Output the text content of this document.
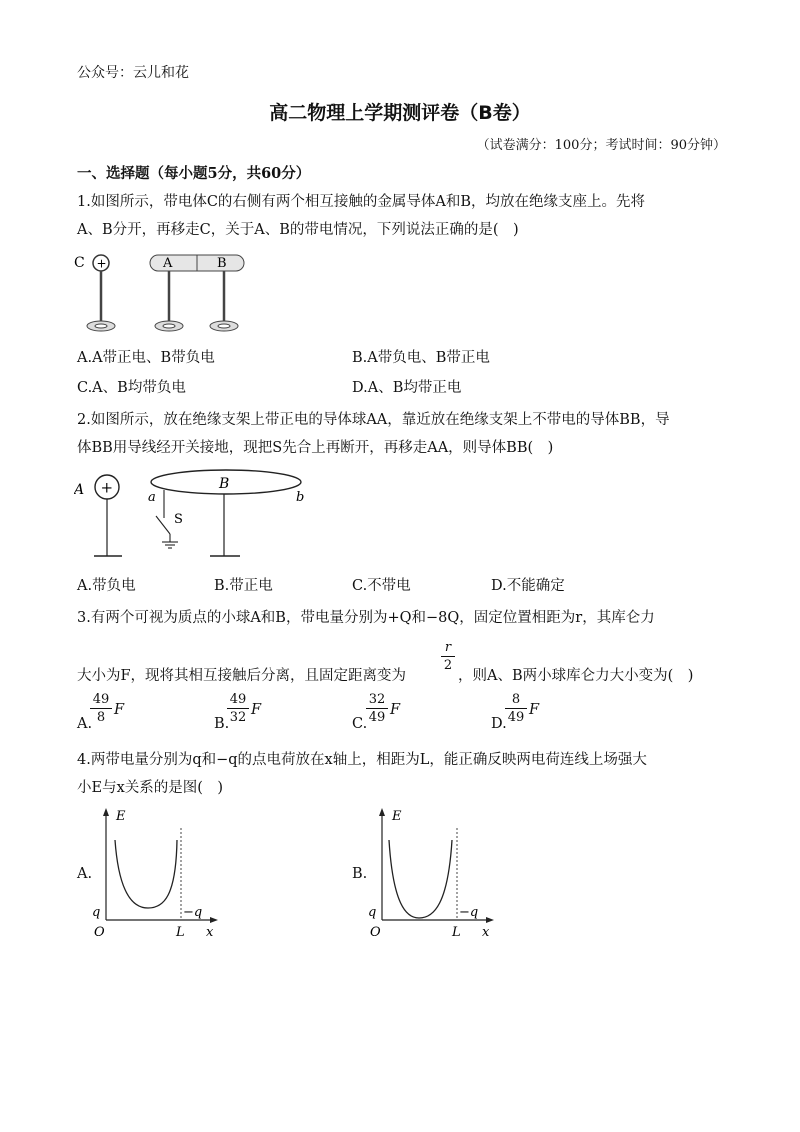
公众号：云儿和花
高二物理上学期测评卷（B卷）
（试卷满分：100分；考试时间：90分钟）
一、选择题（每小题5分，共60分）
1.如图所示，带电体C的右侧有两个相互接触的金属导体A和B，均放在绝缘支座上。先将
A、B分开，再移走C，关于A、B的带电情况，下列说法正确的是(　)
C +	A	B
A.A带正电、B带负电	B.A带负电、B带正电
C.A、B均带负电	D.A、B均带正电
2.如图所示，放在绝缘支架上带正电的导体球AA，靠近放在绝缘支架上不带电的导体BB，导
体BB用导线经开关接地，现把S先合上再断开，再移走AA，则导体BB(　)
A +	B
a	b
S
A.带负电	B.带正电	C.不带电	D.不能确定
3.有两个可视为质点的小球A和B，带电量分别为+Q和−8Q，固定位置相距为r，其库仑力
大小为F，现将其相互接触后分离，且固定距离变为
r
2
，则A、B两小球库仑力大小变为(　)
A.
49
8 F
B.
49
32 F
C.
32
49 F
D.
8
49 F
4.两带电量分别为q和−q的点电荷放在x轴上，相距为L，能正确反映两电荷连线上场强大
小E与x关系的是图(　)
A.
E
x
O	L
q	−q
B.
E
x
O	L
q	−q
